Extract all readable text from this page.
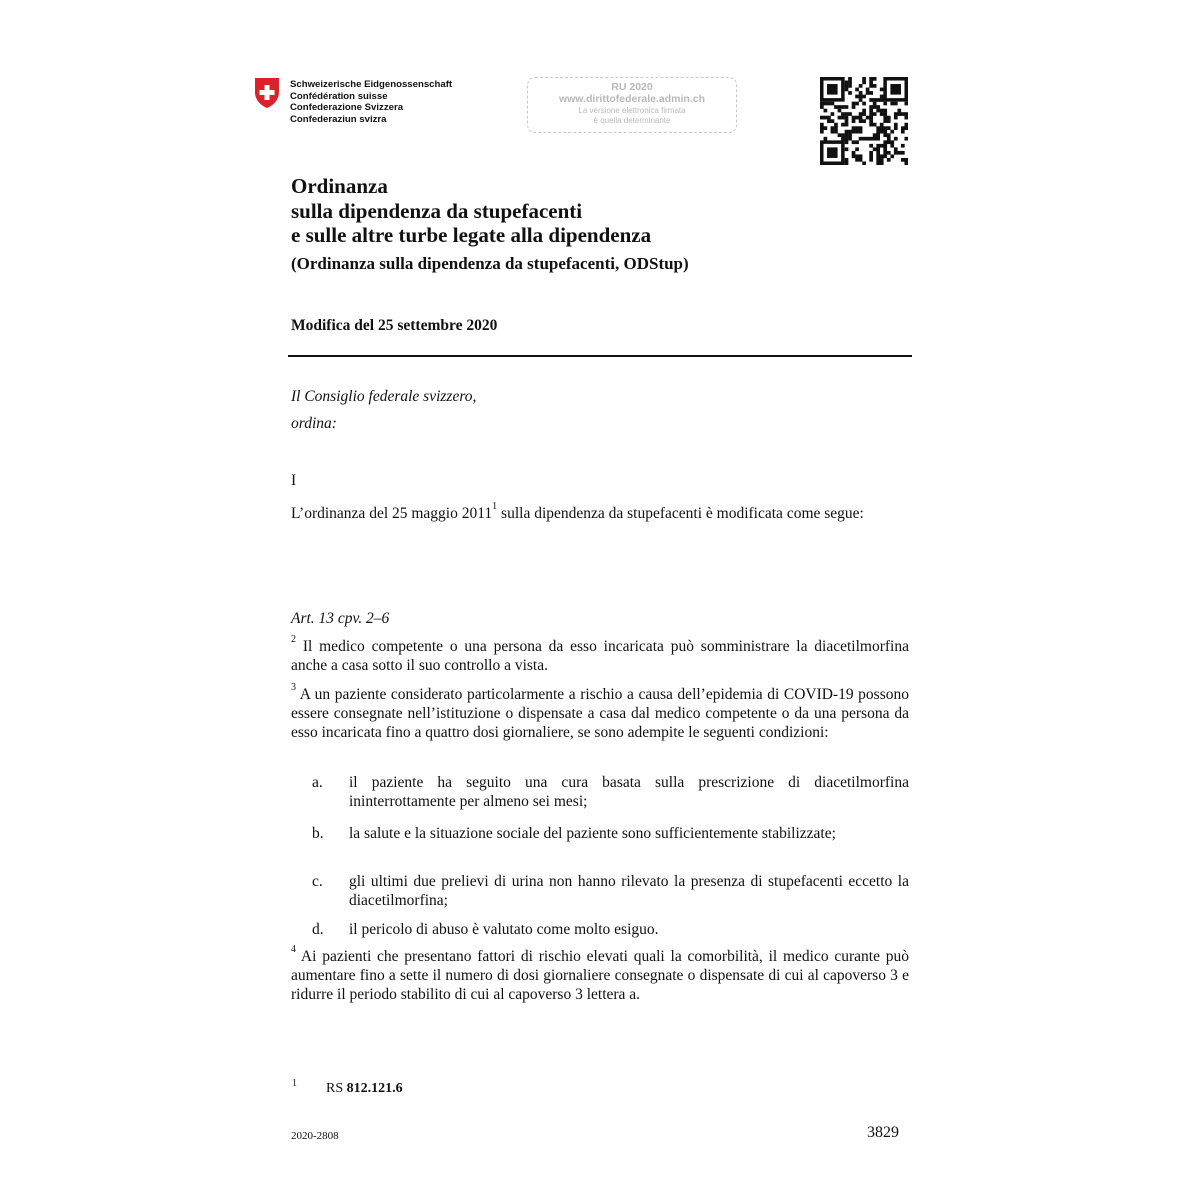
Schweizerische Eidgenossenschaft
Confédération suisse
Confederazione Svizzera
Confederaziun svizra
RU 2020
www.dirittofederale.admin.ch
La versione elettronica firmata
è quella determinante
Ordinanza
sulla dipendenza da stupefacenti
e sulle altre turbe legate alla dipendenza
(Ordinanza sulla dipendenza da stupefacenti, ODStup)
Modifica del 25 settembre 2020
Il Consiglio federale svizzero,
ordina:
I
L’ordinanza del 25 maggio 2011$^1$ sulla dipendenza da stupefacenti è modificata come segue:
Art. 13 cpv. 2–6
$^2$ Il medico competente o una persona da esso incaricata può somministrare la diacetilmorfina anche a casa sotto il suo controllo a vista.
$^3$ A un paziente considerato particolarmente a rischio a causa dell’epidemia di COVID-19 possono essere consegnate nell’istituzione o dispensate a casa dal medico competente o da una persona da esso incaricata fino a quattro dosi giornaliere, se sono adempite le seguenti condizioni:
a. il paziente ha seguito una cura basata sulla prescrizione di diacetilmorfina ininterrottamente per almeno sei mesi;
b. la salute e la situazione sociale del paziente sono sufficientemente stabilizzate;
c. gli ultimi due prelievi di urina non hanno rilevato la presenza di stupefacenti eccetto la diacetilmorfina;
d. il pericolo di abuso è valutato come molto esiguo.
$^4$ Ai pazienti che presentano fattori di rischio elevati quali la comorbilità, il medico curante può aumentare fino a sette il numero di dosi giornaliere consegnate o dispensate di cui al capoverso 3 e ridurre il periodo stabilito di cui al capoverso 3 lettera a.
1 RS 812.121.6
2020-2808	3829
